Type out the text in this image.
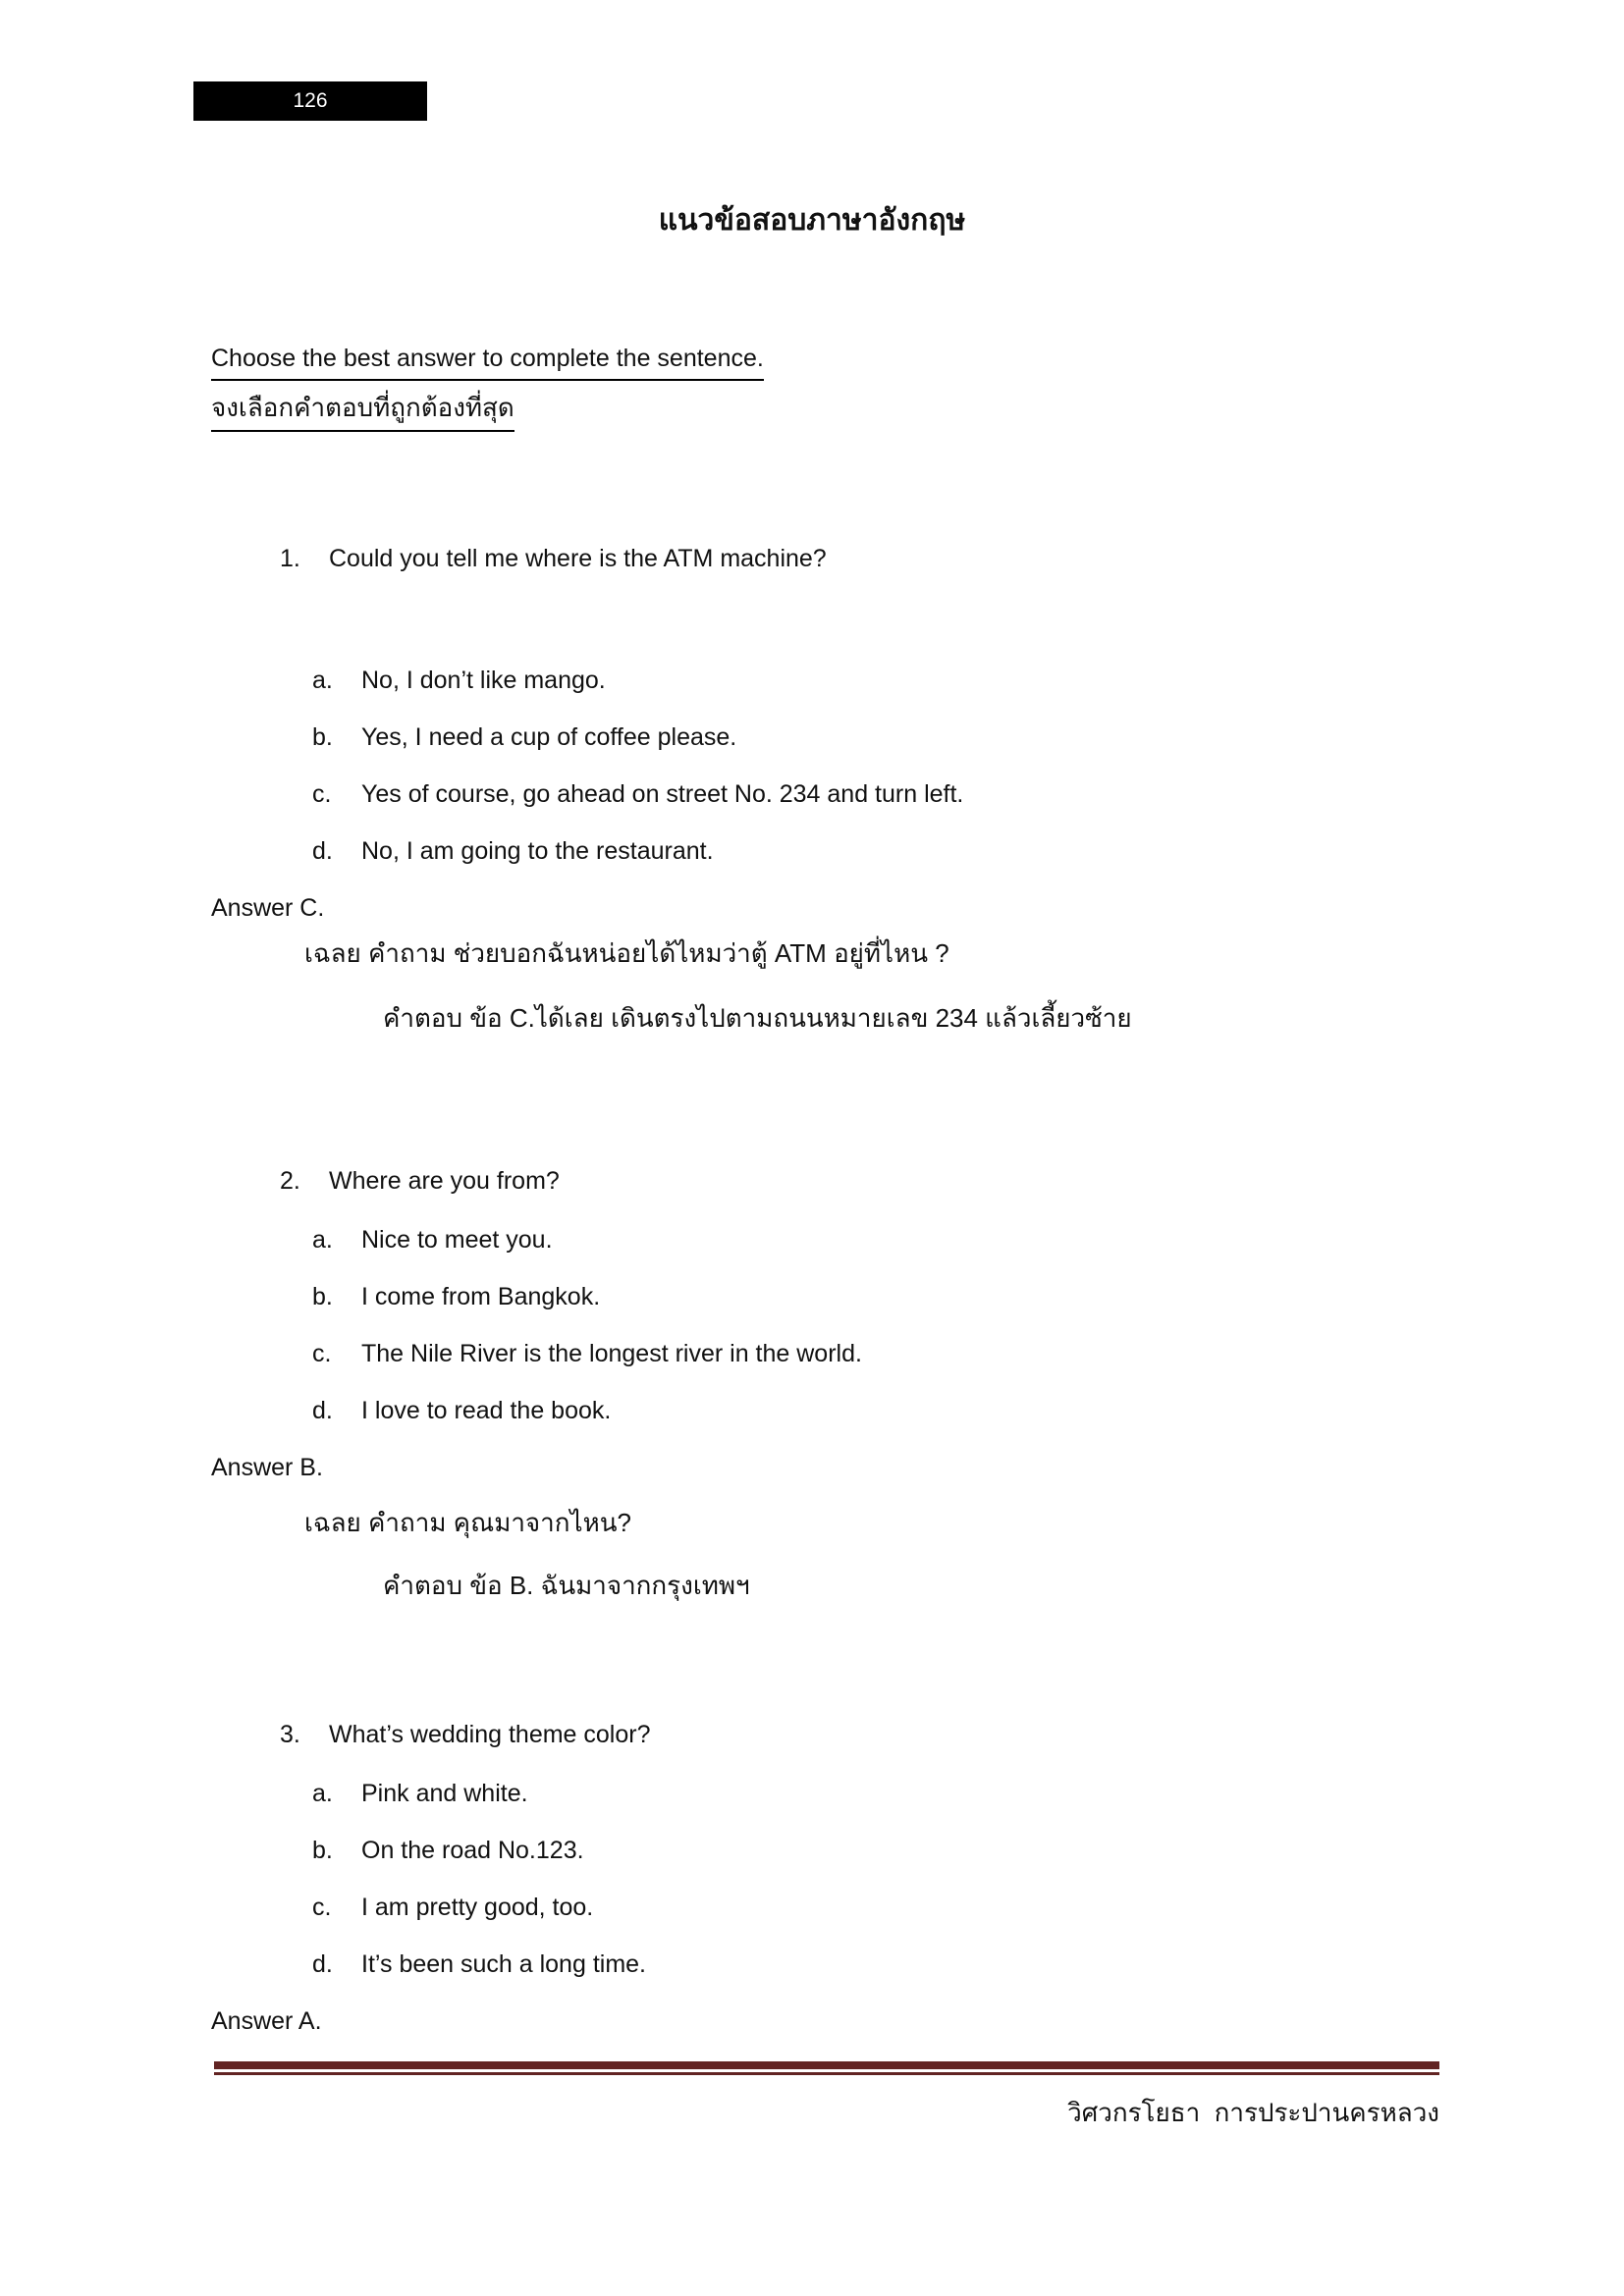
126
แนวข้อสอบภาษาอังกฤษ
Choose the best answer to complete the sentence.
จงเลือกคำตอบที่ถูกต้องที่สุด
1. Could you tell me where is the ATM machine?
a. No, I don’t like mango.
b. Yes, I need a cup of coffee please.
c. Yes of course, go ahead on street No. 234 and turn left.
d. No, I am going to the restaurant.
Answer C.
เฉลย คำถาม ช่วยบอกฉันหน่อยได้ไหมว่าตู้ ATM อยู่ที่ไหน ?
คำตอบ ข้อ C.ได้เลย เดินตรงไปตามถนนหมายเลข 234 แล้วเลี้ยวซ้าย
2. Where are you from?
a. Nice to meet you.
b. I come from Bangkok.
c. The Nile River is the longest river in the world.
d. I love to read the book.
Answer B.
เฉลย คำถาม คุณมาจากไหน?
คำตอบ ข้อ B. ฉันมาจากกรุงเทพฯ
3. What’s wedding theme color?
a. Pink and white.
b. On the road No.123.
c. I am pretty good, too.
d. It’s been such a long time.
Answer A.
วิศวกรโยธา  การประปานครหลวง
